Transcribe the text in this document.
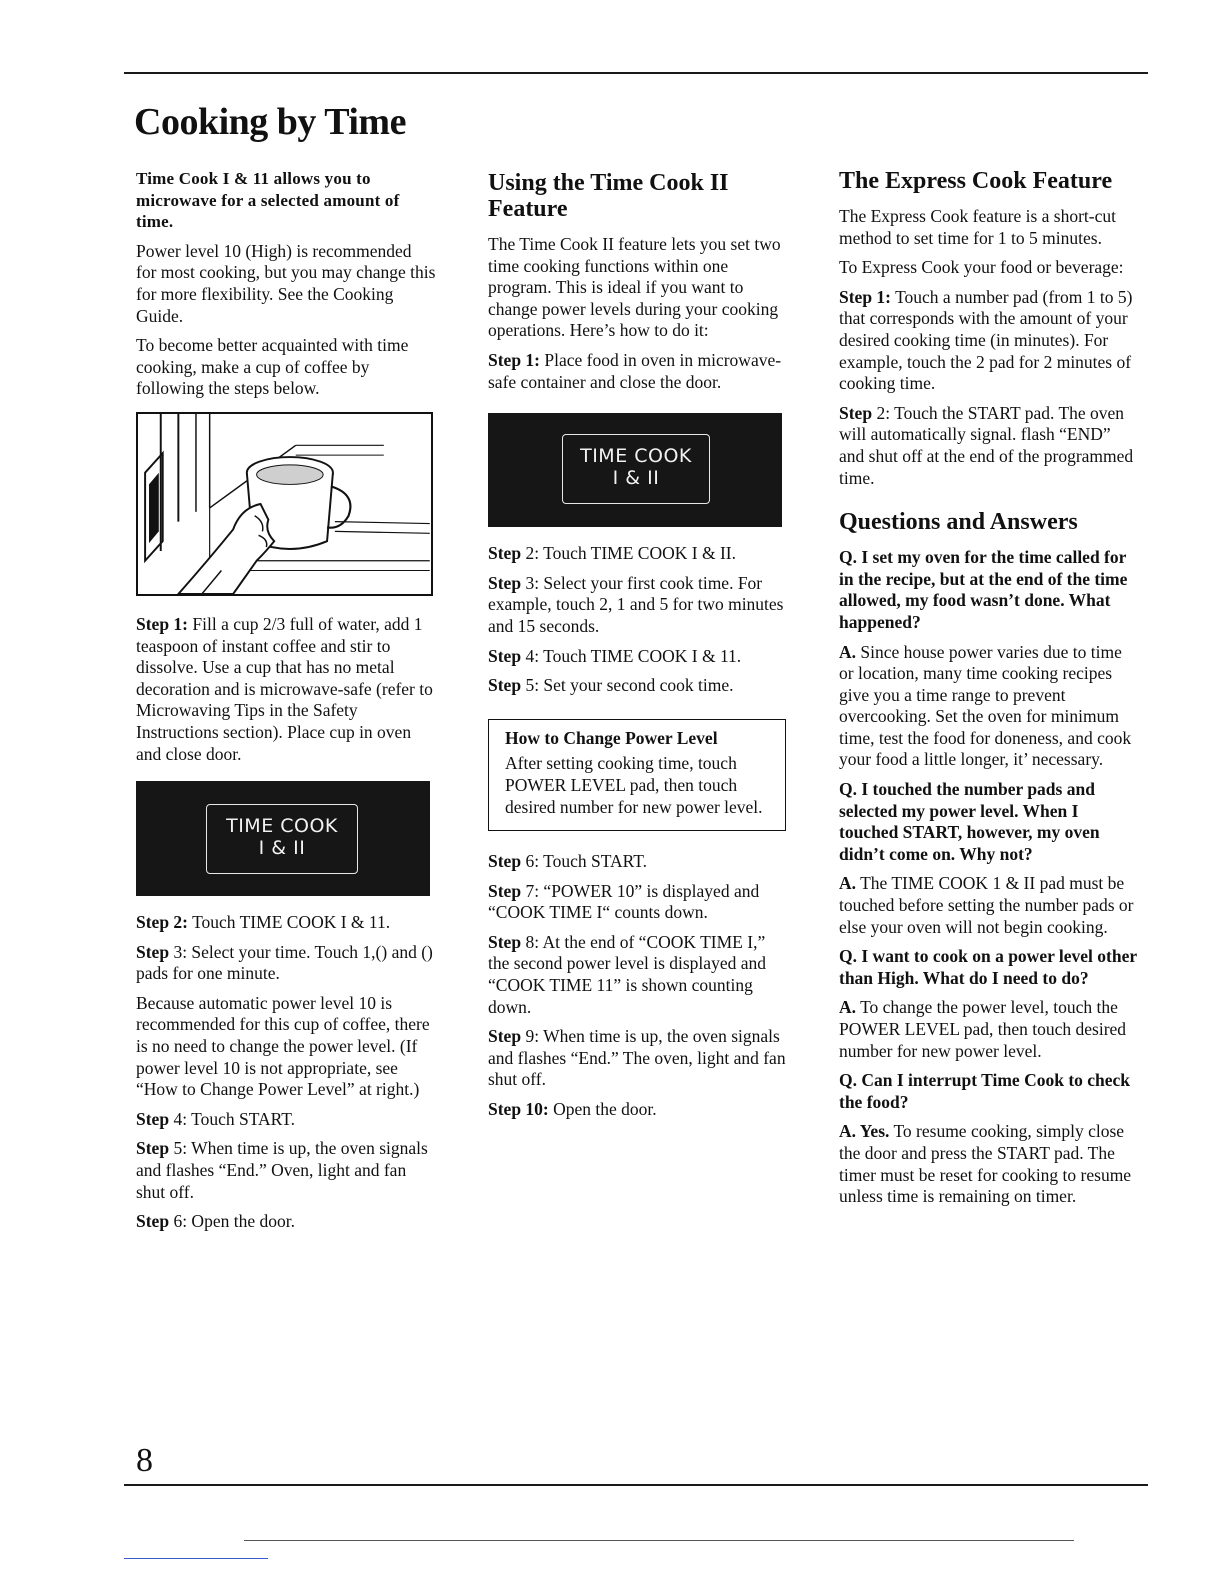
Cooking by Time

Time Cook I & 11 allows you to microwave for a selected amount of time.

Power level 10 (High) is recommended for most cooking, but you may change this for more flexibility. See the Cooking Guide.

To become better acquainted with time cooking, make a cup of coffee by following the steps below.

Step 1: Fill a cup 2/3 full of water, add 1 teaspoon of instant coffee and stir to dissolve. Use a cup that has no metal decoration and is microwave-safe (refer to Microwaving Tips in the Safety Instructions section). Place cup in oven and close door.

TIME COOK
I & II

Step 2: Touch TIME COOK I & 11.

Step 3: Select your time. Touch 1,() and () pads for one minute.

Because automatic power level 10 is recommended for this cup of coffee, there is no need to change the power level. (If power level 10 is not appropriate, see “How to Change Power Level” at right.)

Step 4: Touch START.

Step 5: When time is up, the oven signals and flashes “End.” Oven, light and fan shut off.

Step 6: Open the door.

Using the Time Cook II Feature

The Time Cook II feature lets you set two time cooking functions within one program. This is ideal if you want to change power levels during your cooking operations. Here’s how to do it:

Step 1: Place food in oven in microwave-safe container and close the door.

TIME COOK
I & II

Step 2: Touch TIME COOK I & II.

Step 3: Select your first cook time. For example, touch 2, 1 and 5 for two minutes and 15 seconds.

Step 4: Touch TIME COOK I & 11.

Step 5: Set your second cook time.

How to Change Power Level

After setting cooking time, touch POWER LEVEL pad, then touch desired number for new power level.

Step 6: Touch START.

Step 7: “POWER 10” is displayed and “COOK TIME I“ counts down.

Step 8: At the end of “COOK TIME I,” the second power level is displayed and “COOK TIME 11” is shown counting down.

Step 9: When time is up, the oven signals and flashes “End.” The oven, light and fan shut off.

Step 10: Open the door.

The Express Cook Feature

The Express Cook feature is a short-cut method to set time for 1 to 5 minutes.

To Express Cook your food or beverage:

Step 1: Touch a number pad (from 1 to 5) that corresponds with the amount of your desired cooking time (in minutes). For example, touch the 2 pad for 2 minutes of cooking time.

Step 2: Touch the START pad. The oven will automatically signal. flash “END” and shut off at the end of the programmed time.

Questions and Answers

Q. I set my oven for the time called for in the recipe, but at the end of the time allowed, my food wasn’t done. What happened?

A. Since house power varies due to time or location, many time cooking recipes give you a time range to prevent overcooking. Set the oven for minimum time, test the food for doneness, and cook your food a little longer, it’ necessary.

Q. I touched the number pads and selected my power level. When I touched START, however, my oven didn’t come on. Why not?

A. The TIME COOK 1 & II pad must be touched before setting the number pads or else your oven will not begin cooking.

Q. I want to cook on a power level other than High. What do I need to do?

A. To change the power level, touch the POWER LEVEL pad, then touch desired number for new power level.

Q. Can I interrupt Time Cook to check the food?

A. Yes. To resume cooking, simply close the door and press the START pad. The timer must be reset for cooking to resume unless time is remaining on timer.

8
